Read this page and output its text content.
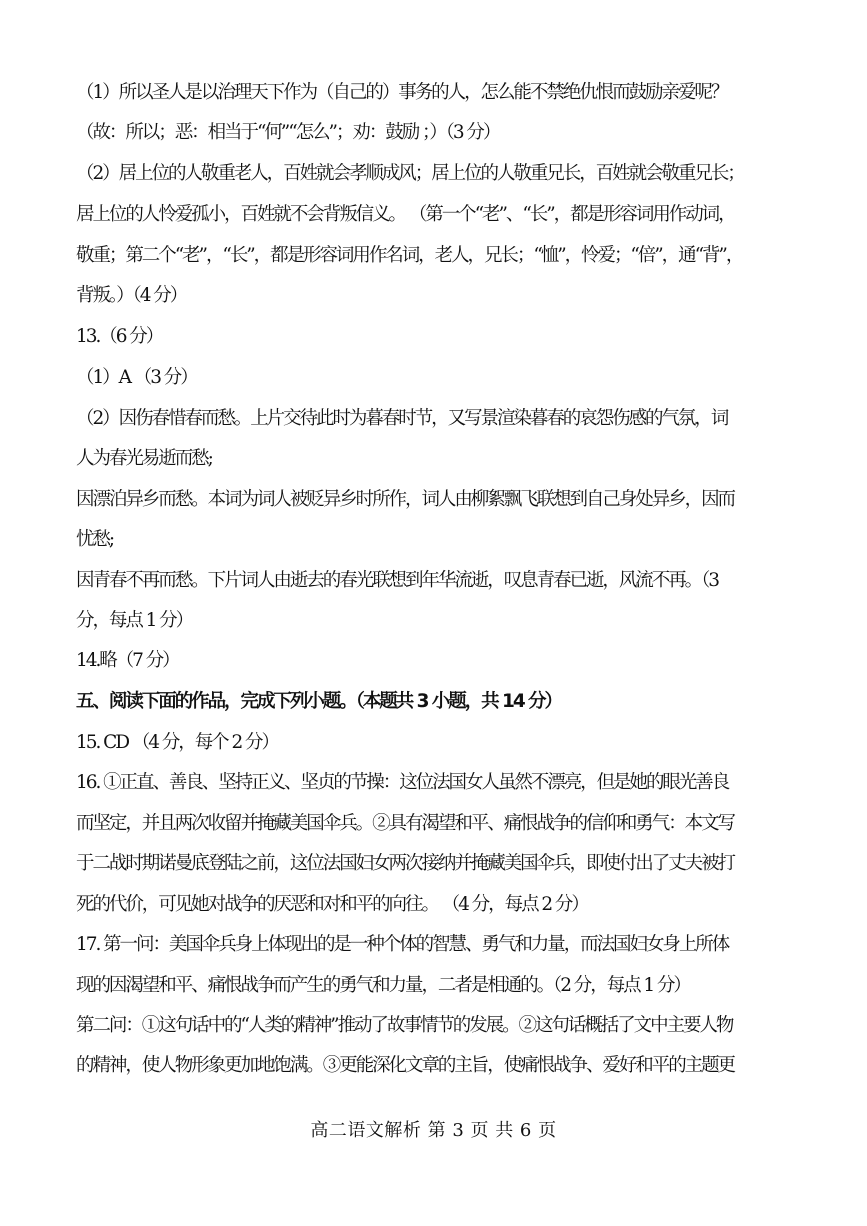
（1）所以圣人是以治理天下作为（自己的）事务的人，怎么能不禁绝仇恨而鼓励亲爱呢？
（故：所以；恶：相当于“何”“怎么”；劝：鼓励 ；）（3 分）
（2）居上位的人敬重老人，百姓就会孝顺成风；居上位的人敬重兄长，百姓就会敬重兄长；
居上位的人怜爱孤小，百姓就不会背叛信义。 （第一个“老”、“长”，都是形容词用作动词，
敬重；第二个“老”，“长”，都是形容词用作名词，老人，兄长；“恤”，怜爱；“倍”，通“背”，
背叛。）（4 分）
13.（6 分）
（1）A （3 分）
（2）因伤春惜春而愁。上片交待此时为暮春时节，又写景渲染暮春的哀怨伤感的气氛，词
人为春光易逝而愁;
因漂泊异乡而愁。本词为词人被贬异乡时所作，词人由柳絮飘飞联想到自己身处异乡，因而
忧愁;
因青春不再而愁。下片词人由逝去的春光联想到年华流逝，叹息青春已逝，风流不再。（3
分，每点 1 分）
14.略（7 分）
五、阅读下面的作品，完成下列小题。（本题共 3 小题，共 14 分）
15. CD （4 分，每个 2 分）
16. ①正直、善良、坚持正义、坚贞的节操：这位法国女人虽然不漂亮，但是她的眼光善良
而坚定，并且两次收留并掩藏美国伞兵。②具有渴望和平、痛恨战争的信仰和勇气：本文写
于二战时期诺曼底登陆之前，这位法国妇女两次接纳并掩藏美国伞兵，即使付出了丈夫被打
死的代价，可见她对战争的厌恶和对和平的向往。 （4 分，每点 2 分）
17. 第一问：美国伞兵身上体现出的是一种个体的智慧、勇气和力量，而法国妇女身上所体
现的因渴望和平、痛恨战争而产生的勇气和力量，二者是相通的。（2 分，每点 1 分）
第二问：①这句话中的“人类的精神”推动了故事情节的发展。②这句话概括了文中主要人物
的精神，使人物形象更加地饱满。③更能深化文章的主旨，使痛恨战争、爱好和平的主题更
高二语文解析 第 3 页 共 6 页
